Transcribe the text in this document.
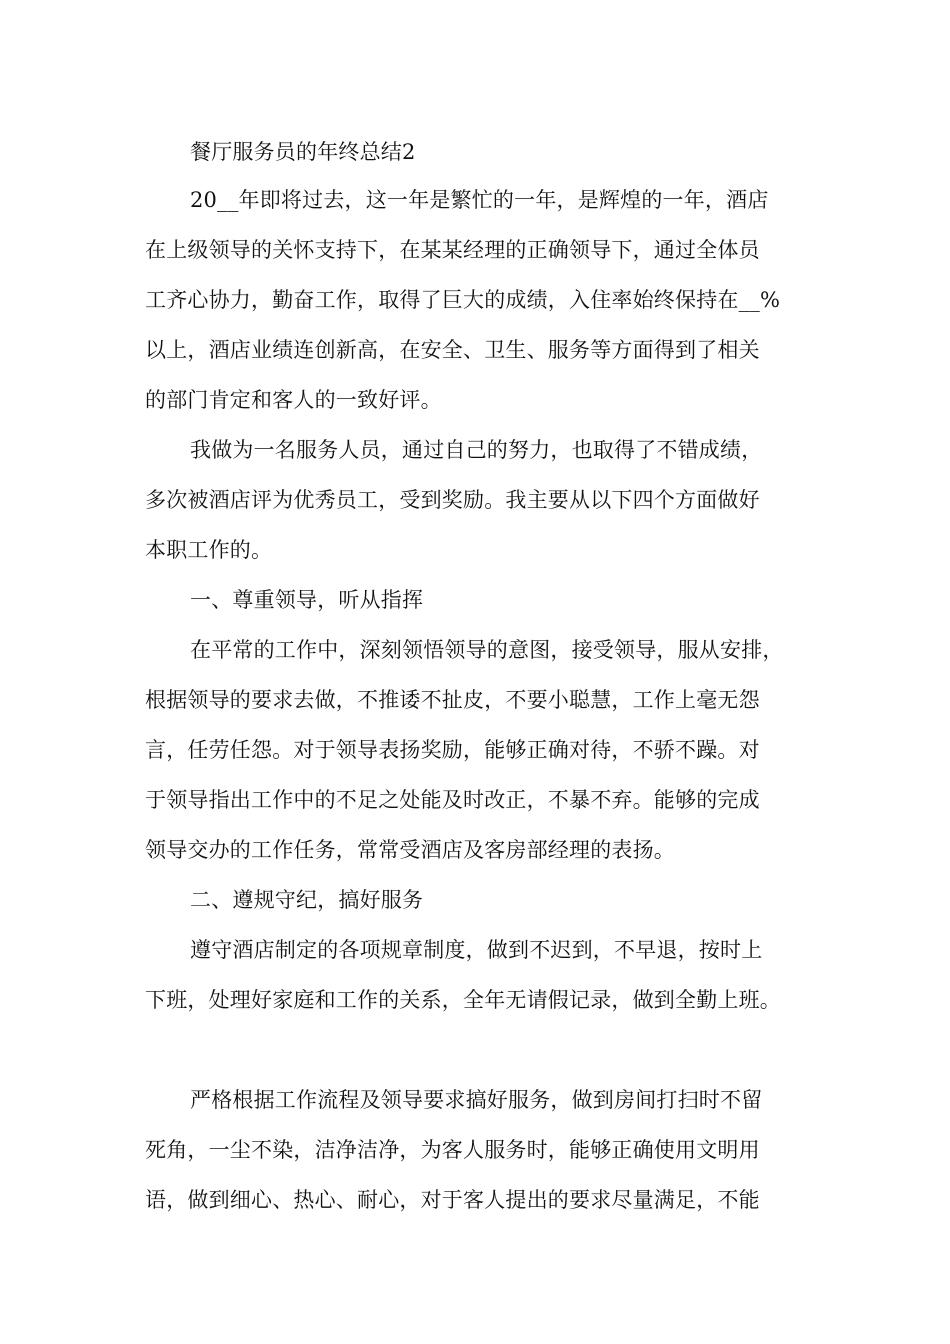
餐厅服务员的年终总结2
20__年即将过去，这一年是繁忙的一年，是辉煌的一年，酒店
在上级领导的关怀支持下，在某某经理的正确领导下，通过全体员
工齐心协力，勤奋工作，取得了巨大的成绩，入住率始终保持在__%
以上，酒店业绩连创新高，在安全、卫生、服务等方面得到了相关
的部门肯定和客人的一致好评。
我做为一名服务人员，通过自己的努力，也取得了不错成绩，
多次被酒店评为优秀员工，受到奖励。我主要从以下四个方面做好
本职工作的。
一、尊重领导，听从指挥
在平常的工作中，深刻领悟领导的意图，接受领导，服从安排，
根据领导的要求去做，不推诿不扯皮，不要小聪慧，工作上毫无怨
言，任劳任怨。对于领导表扬奖励，能够正确对待，不骄不躁。对
于领导指出工作中的不足之处能及时改正，不暴不弃。能够的完成
领导交办的工作任务，常常受酒店及客房部经理的表扬。
二、遵规守纪，搞好服务
遵守酒店制定的各项规章制度，做到不迟到，不早退，按时上
下班，处理好家庭和工作的关系，全年无请假记录，做到全勤上班。
严格根据工作流程及领导要求搞好服务，做到房间打扫时不留
死角，一尘不染，洁净洁净，为客人服务时，能够正确使用文明用
语，做到细心、热心、耐心，对于客人提出的要求尽量满足，不能
